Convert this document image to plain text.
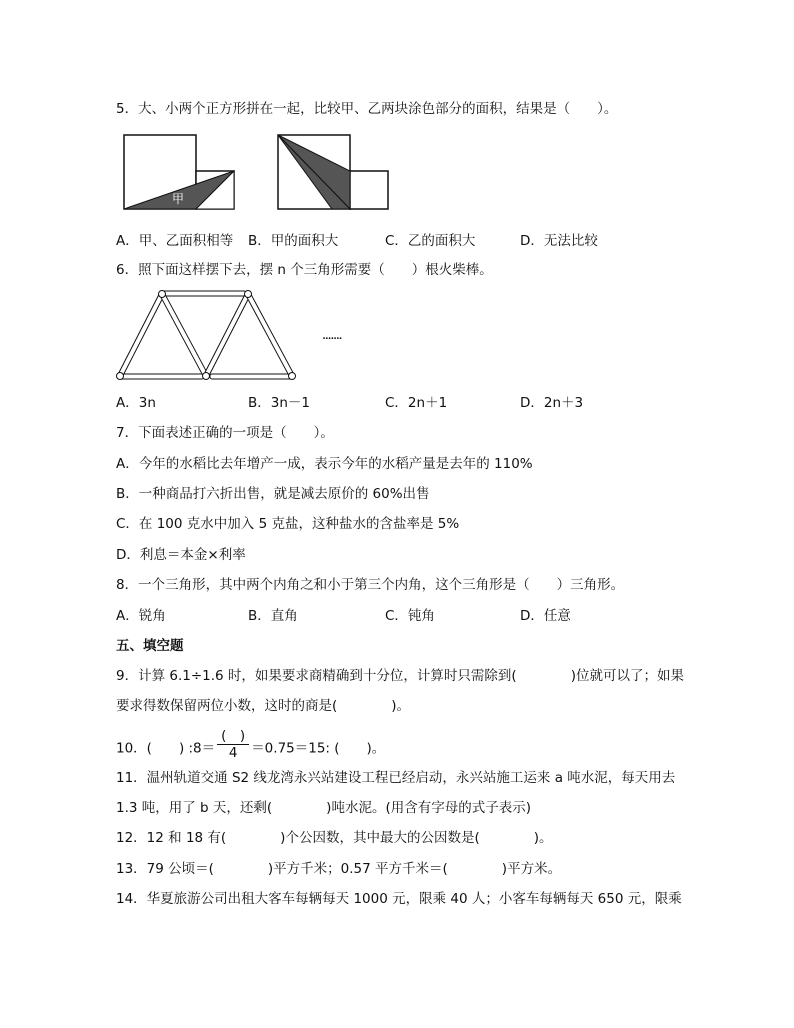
5．大、小两个正方形拼在一起，比较甲、乙两块涂色部分的面积，结果是（　　）。
甲	乙
A．甲、乙面积相等 B．甲的面积大	C．乙的面积大	D．无法比较
6．照下面这样摆下去，摆 n 个三角形需要（　　）根火柴棒。
．．．．．．．
A．3n	B．3n－1	C．2n＋1	D．2n＋3
7．下面表述正确的一项是（　　）。
A．今年的水稻比去年增产一成，表示今年的水稻产量是去年的 110%
B．一种商品打六折出售，就是减去原价的 60%出售
C．在 100 克水中加入 5 克盐，这种盐水的含盐率是 5%
D．利息＝本金×利率
8．一个三角形，其中两个内角之和小于第三个内角，这个三角形是（　　）三角形。
A．锐角	B．直角	C．钝角	D．任意
五、填空题
9．计算 6.1÷1.6 时，如果要求商精确到十分位，计算时只需除到(　　　　)位就可以了；如果
要求得数保留两位小数，这时的商是(　　　　)。
10．(　　) :8＝ $\frac{( )}{4} =0.75=15$: (　　)。
11．温州轨道交通 S2 线龙湾永兴站建设工程已经启动，永兴站施工运来 a 吨水泥，每天用去
1.3 吨，用了 b 天，还剩(　　　　)吨水泥。(用含有字母的式子表示)
12．12 和 18 有(　　　　)个公因数，其中最大的公因数是(　　　　)。
13．79 公顷＝(　　　　)平方千米；0.57 平方千米＝(　　　　)平方米。
14．华夏旅游公司出租大客车每辆每天 1000 元，限乘 40 人；小客车每辆每天 650 元，限乘
